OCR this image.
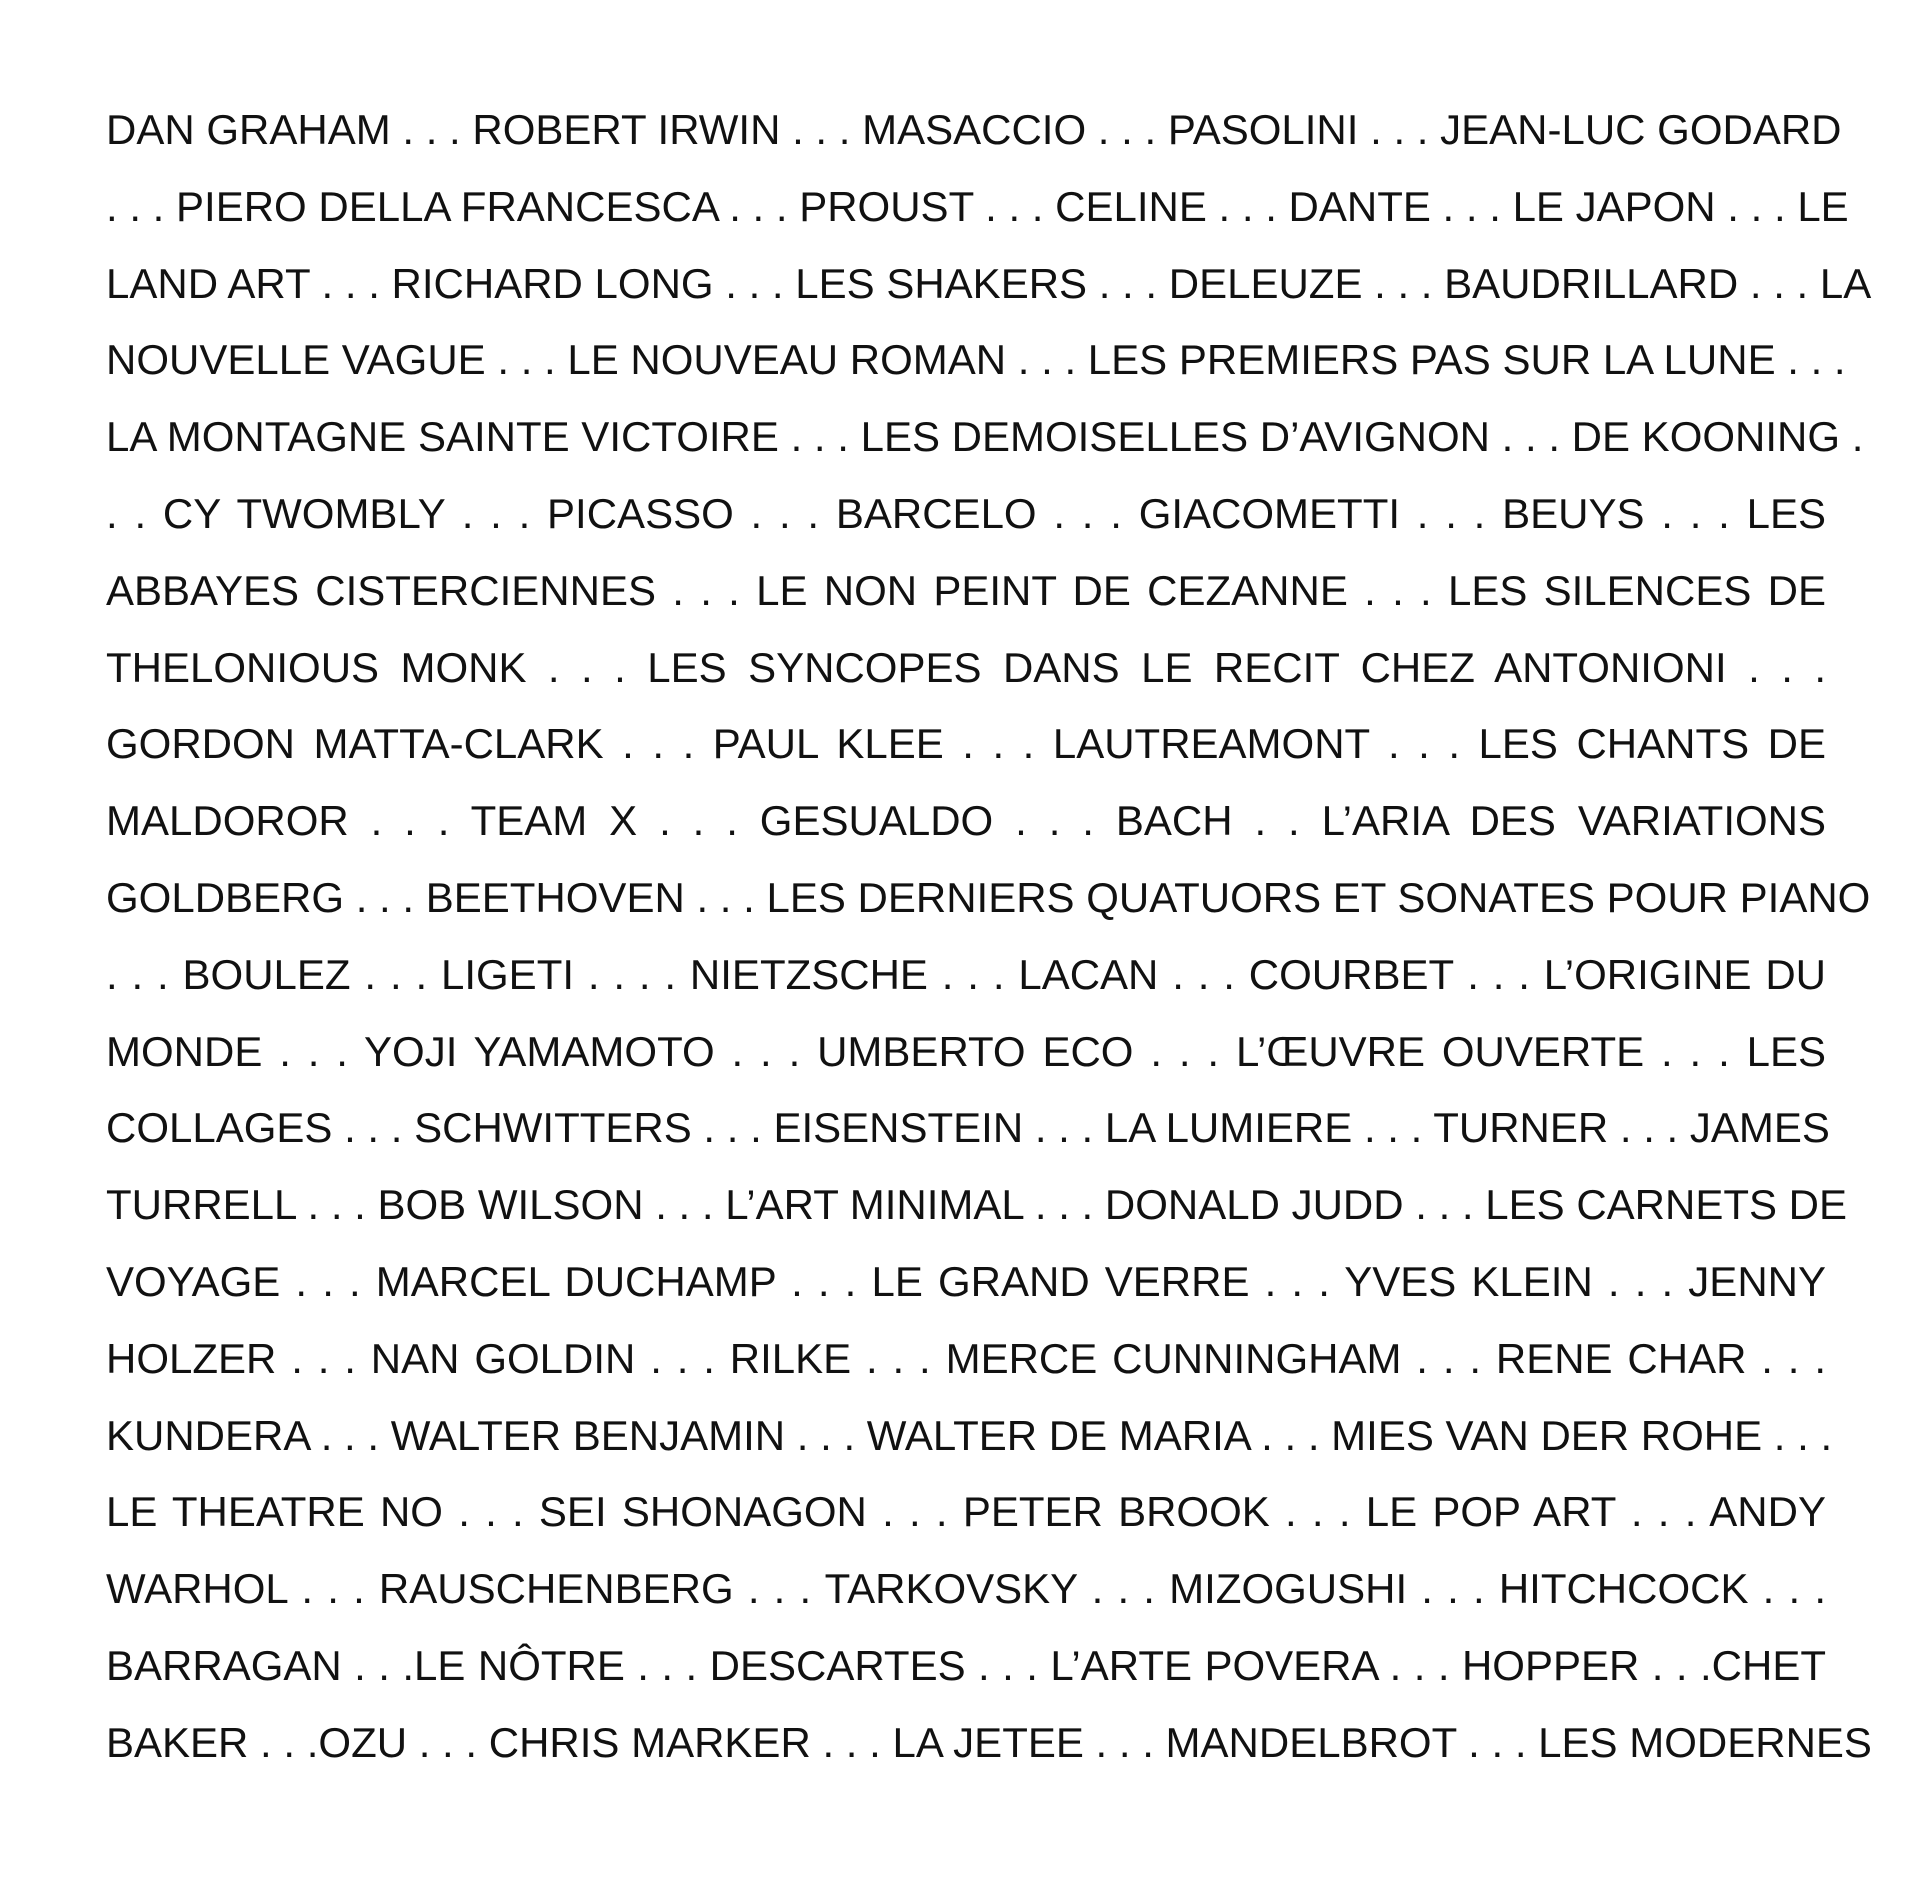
DAN GRAHAM . . . ROBERT IRWIN . . . MASACCIO . . . PASOLINI . . . JEAN-LUC GODARD
. . . PIERO DELLA FRANCESCA . . . PROUST . . . CELINE . . . DANTE . . . LE JAPON . . . LE
LAND ART . . . RICHARD LONG . . . LES SHAKERS . . . DELEUZE . . . BAUDRILLARD . . . LA
NOUVELLE VAGUE . . . LE NOUVEAU ROMAN . . . LES PREMIERS PAS SUR LA LUNE . . .
LA MONTAGNE SAINTE VICTOIRE . . . LES DEMOISELLES D’AVIGNON . . . DE KOONING .
. . CY TWOMBLY . . . PICASSO . . . BARCELO . . . GIACOMETTI . . . BEUYS . . . LES
ABBAYES CISTERCIENNES . . . LE NON PEINT DE CEZANNE . . . LES SILENCES DE
THELONIOUS MONK . . . LES SYNCOPES DANS LE RECIT CHEZ ANTONIONI . . .
GORDON MATTA-CLARK . . . PAUL KLEE . . . LAUTREAMONT . . . LES CHANTS DE
MALDOROR . . . TEAM X . . . GESUALDO . . . BACH . . L’ARIA DES VARIATIONS
GOLDBERG . . . BEETHOVEN . . . LES DERNIERS QUATUORS ET SONATES POUR PIANO
. . . BOULEZ . . . LIGETI . . . . NIETZSCHE . . . LACAN . . . COURBET . . . L’ORIGINE DU
MONDE . . . YOJI YAMAMOTO . . . UMBERTO ECO . . . L’ŒUVRE OUVERTE . . . LES
COLLAGES . . . SCHWITTERS . . . EISENSTEIN . . . LA LUMIERE . . . TURNER . . . JAMES
TURRELL . . . BOB WILSON . . . L’ART MINIMAL . . . DONALD JUDD . . . LES CARNETS DE
VOYAGE . . . MARCEL DUCHAMP . . . LE GRAND VERRE . . . YVES KLEIN . . . JENNY
HOLZER . . . NAN GOLDIN . . . RILKE . . . MERCE CUNNINGHAM . . . RENE CHAR . . .
KUNDERA . . . WALTER BENJAMIN . . . WALTER DE MARIA . . . MIES VAN DER ROHE . . .
LE THEATRE NO . . . SEI SHONAGON . . . PETER BROOK . . . LE POP ART . . . ANDY
WARHOL . . . RAUSCHENBERG . . . TARKOVSKY . . . MIZOGUSHI . . . HITCHCOCK . . .
BARRAGAN . . .LE NÔTRE . . . DESCARTES . . . L’ARTE POVERA . . . HOPPER . . .CHET
BAKER . . .OZU . . . CHRIS MARKER . . . LA JETEE . . . MANDELBROT . . . LES MODERNES
